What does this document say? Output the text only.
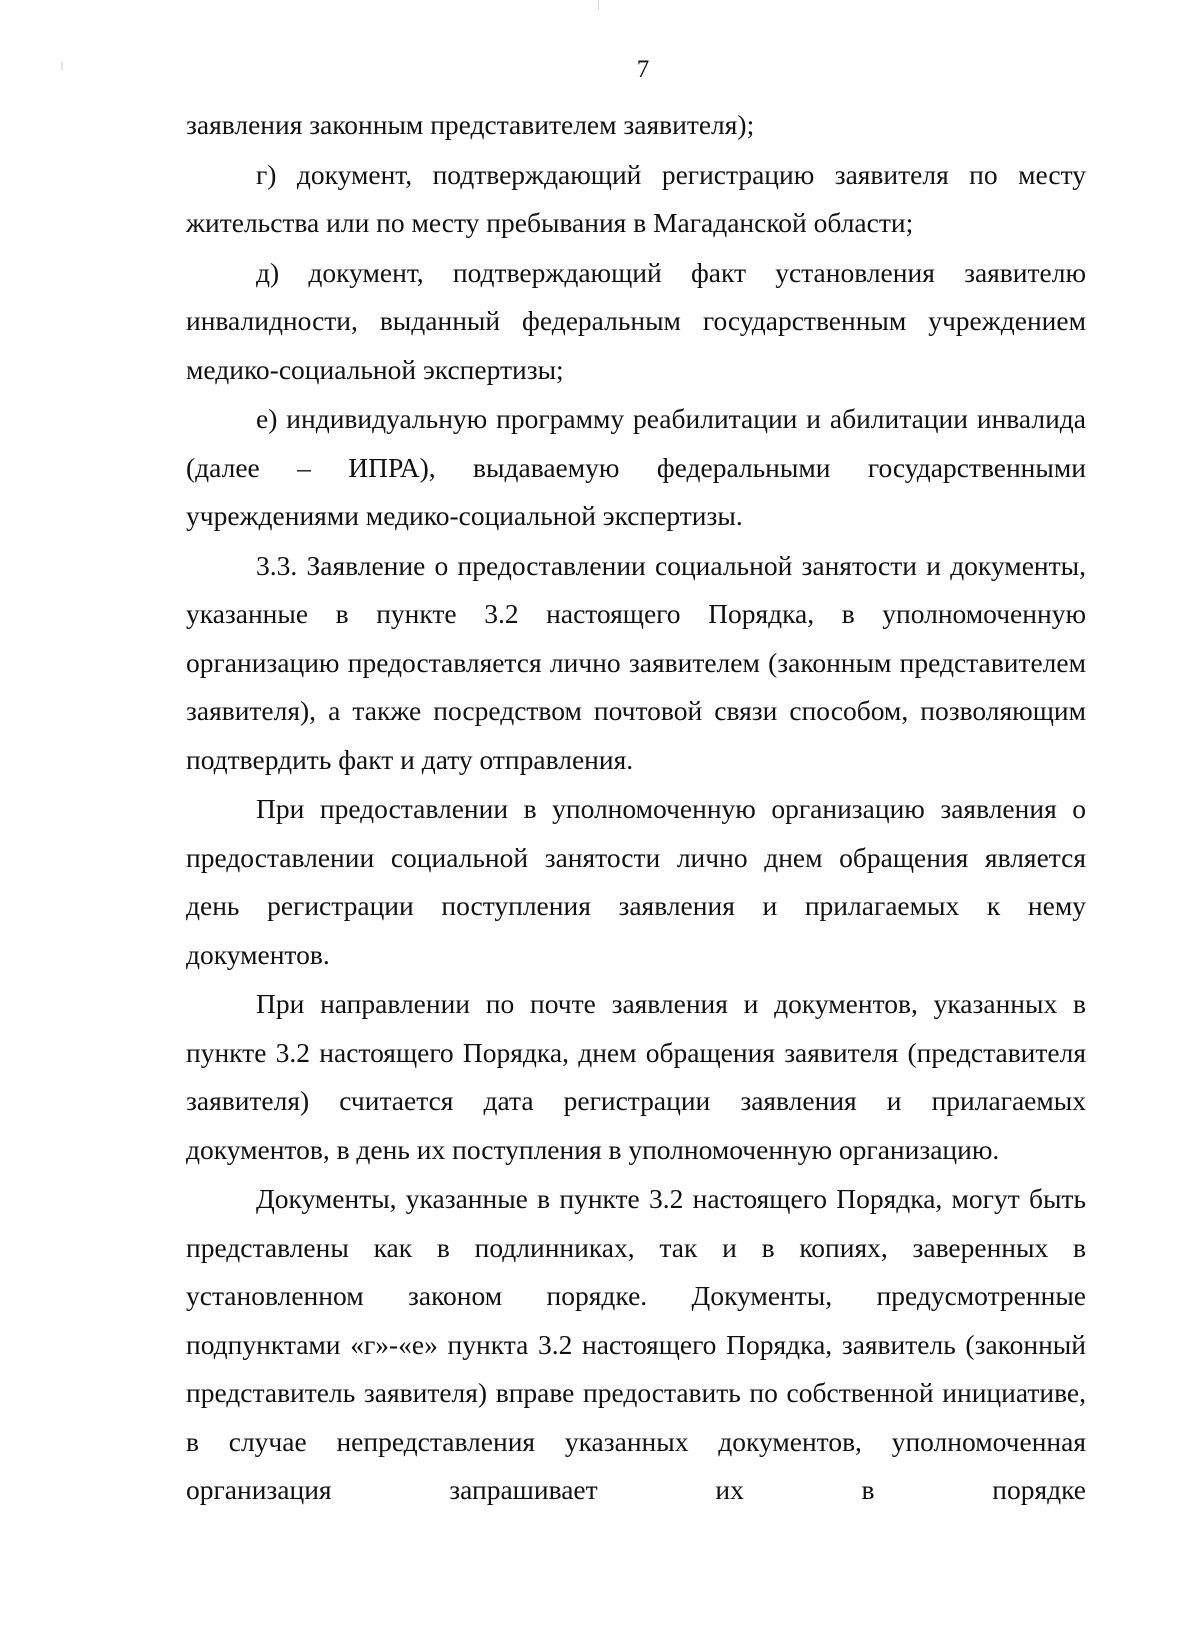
7

заявления законным представителем заявителя);

г) документ, подтверждающий регистрацию заявителя по месту жительства или по месту пребывания в Магаданской области;

д) документ, подтверждающий факт установления заявителю инвалидности, выданный федеральным государственным учреждением медико-социальной экспертизы;

е) индивидуальную программу реабилитации и абилитации инвалида (далее – ИПРА), выдаваемую федеральными государственными учреждениями медико-социальной экспертизы.

3.3. Заявление о предоставлении социальной занятости и документы, указанные в пункте 3.2 настоящего Порядка, в уполномоченную организацию предоставляется лично заявителем (законным представителем заявителя), а также посредством почтовой связи способом, позволяющим подтвердить факт и дату отправления.

При предоставлении в уполномоченную организацию заявления о предоставлении социальной занятости лично днем обращения является день регистрации поступления заявления и прилагаемых к нему документов.

При направлении по почте заявления и документов, указанных в пункте 3.2 настоящего Порядка, днем обращения заявителя (представителя заявителя) считается дата регистрации заявления и прилагаемых документов, в день их поступления в уполномоченную организацию.

Документы, указанные в пункте 3.2 настоящего Порядка, могут быть представлены как в подлинниках, так и в копиях, заверенных в установленном законом порядке. Документы, предусмотренные подпунктами «г»-«е» пункта 3.2 настоящего Порядка, заявитель (законный представитель заявителя) вправе предоставить по собственной инициативе, в случае непредставления указанных документов, уполномоченная организация запрашивает их в порядке
